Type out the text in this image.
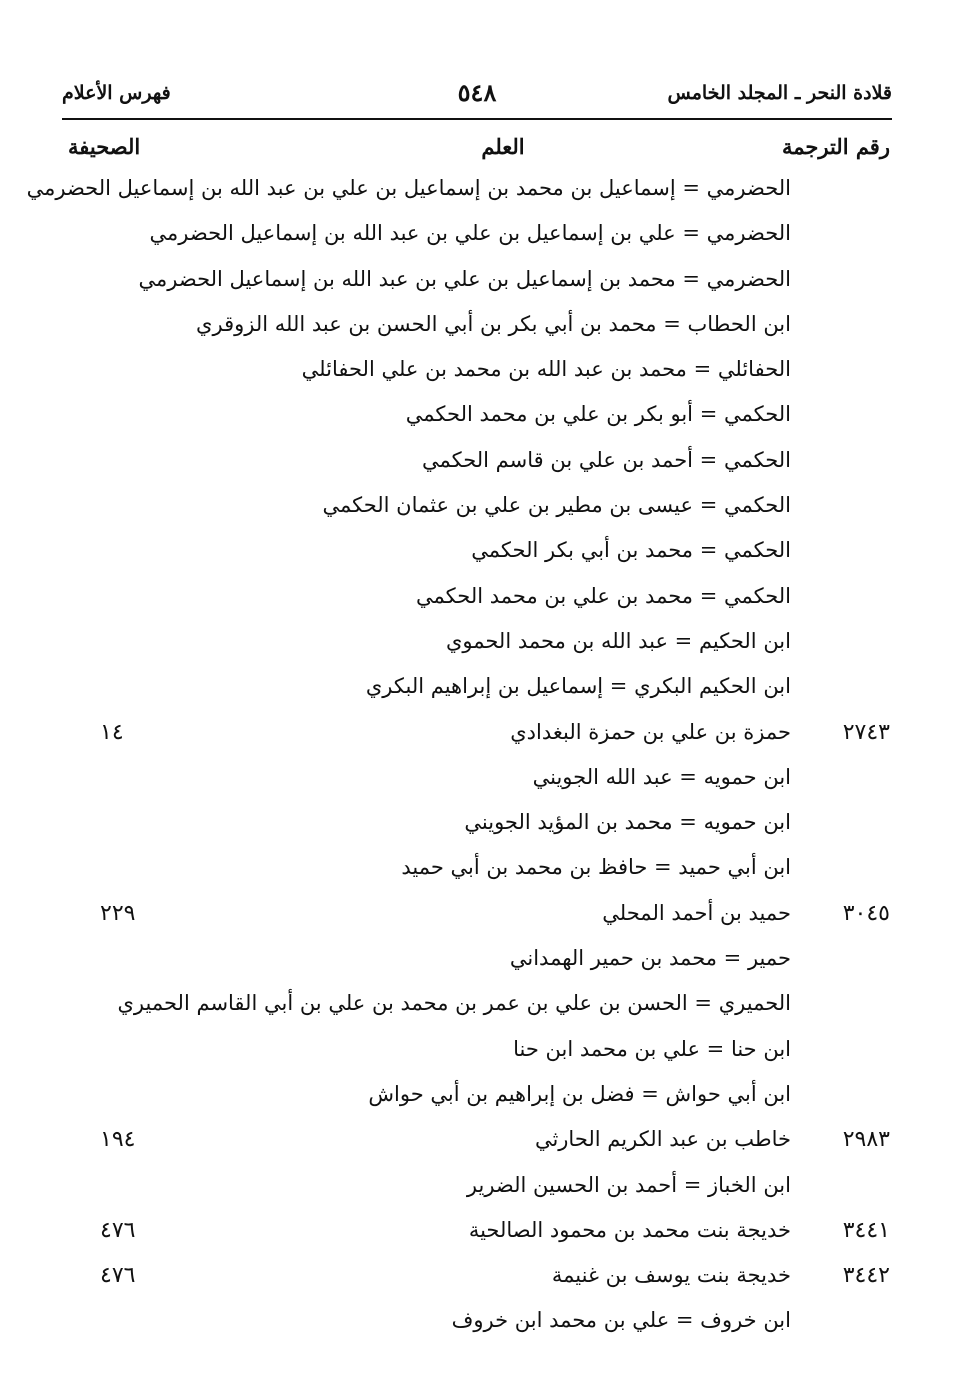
قلادة النحر ـ المجلد الخامس
٥٤٨
فهرس الأعلام
رقم الترجمة
العلم
الصحيفة
الحضرمي = إسماعيل بن محمد بن إسماعيل بن علي بن عبد الله بن إسماعيل الحضرمي
الحضرمي = علي بن إسماعيل بن علي بن عبد الله بن إسماعيل الحضرمي
الحضرمي = محمد بن إسماعيل بن علي بن عبد الله بن إسماعيل الحضرمي
ابن الحطاب = محمد بن أبي بكر بن أبي الحسن بن عبد الله الزوقري
الحفائلي = محمد بن عبد الله بن محمد بن علي الحفائلي
الحكمي = أبو بكر بن علي بن محمد الحكمي
الحكمي = أحمد بن علي بن قاسم الحكمي
الحكمي = عيسى بن مطير بن علي بن عثمان الحكمي
الحكمي = محمد بن أبي بكر الحكمي
الحكمي = محمد بن علي بن محمد الحكمي
ابن الحكيم = عبد الله بن محمد الحموي
ابن الحكيم البكري = إسماعيل بن إبراهيم البكري
٢٧٤٣
حمزة بن علي بن حمزة البغدادي
١٤
ابن حمويه = عبد الله الجويني
ابن حمويه = محمد بن المؤيد الجويني
ابن أبي حميد = حافظ بن محمد بن أبي حميد
٣٠٤٥
حميد بن أحمد المحلي
٢٢٩
حمير = محمد بن حمير الهمداني
الحميري = الحسن بن علي بن عمر بن محمد بن علي بن أبي القاسم الحميري
ابن حنا = علي بن محمد ابن حنا
ابن أبي حواش = فضل بن إبراهيم بن أبي حواش
٢٩٨٣
خاطب بن عبد الكريم الحارثي
١٩٤
ابن الخباز = أحمد بن الحسين الضرير
٣٤٤١
خديجة بنت محمد بن محمود الصالحية
٤٧٦
٣٤٤٢
خديجة بنت يوسف بن غنيمة
٤٧٦
ابن خروف = علي بن محمد ابن خروف
